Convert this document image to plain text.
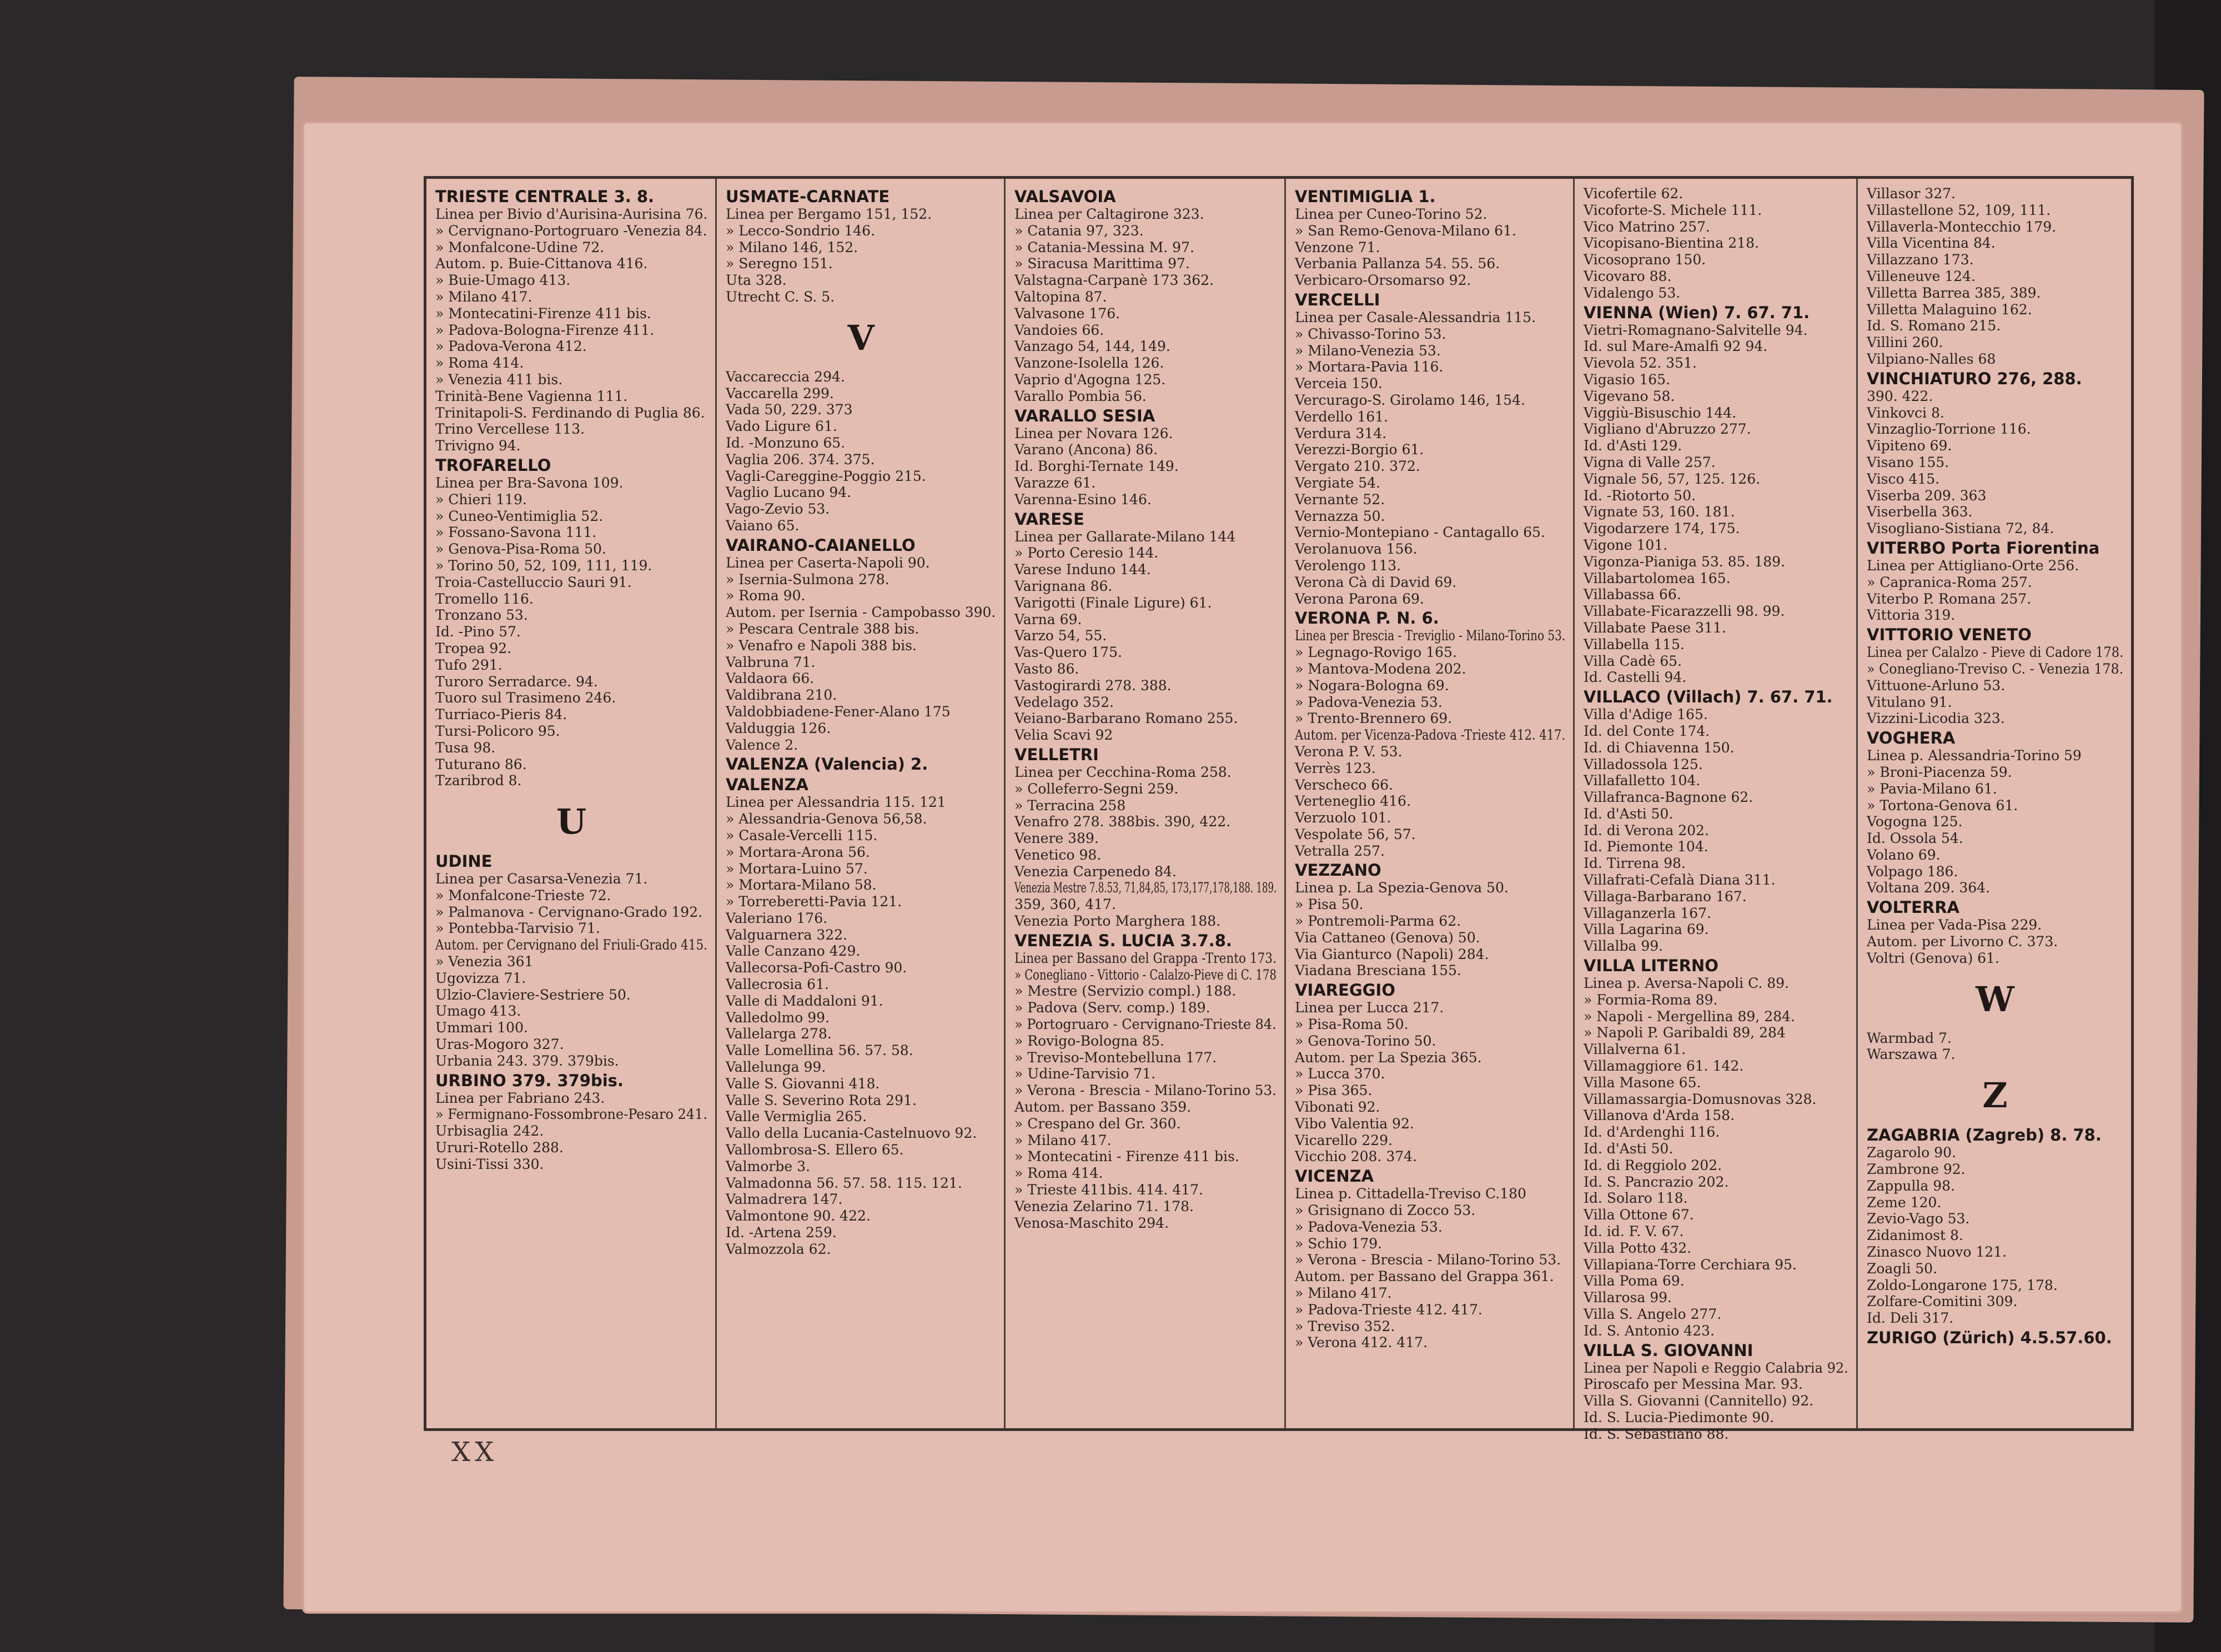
TRIESTE CENTRALE 3. 8.
Linea per Bivio d'Aurisina-Aurisina 76.
» Cervignano-Portogruaro -Venezia 84.
» Monfalcone-Udine 72.
Autom. p. Buie-Cittanova 416.
» Buie-Umago 413.
» Milano 417.
» Montecatini-Firenze 411 bis.
» Padova-Bologna-Firenze 411.
» Padova-Verona 412.
» Roma 414.
» Venezia 411 bis.
Trinità-Bene Vagienna 111.
Trinitapoli-S. Ferdinando di Puglia 86.
Trino Vercellese 113.
Trivigno 94.
TROFARELLO
Linea per Bra-Savona 109.
» Chieri 119.
» Cuneo-Ventimiglia 52.
» Fossano-Savona 111.
» Genova-Pisa-Roma 50.
» Torino 50, 52, 109, 111, 119.
Troia-Castelluccio Sauri 91.
Tromello 116.
Tronzano 53.
Id. -Pino 57.
Tropea 92.
Tufo 291.
Turoro Serradarce. 94.
Tuoro sul Trasimeno 246.
Turriaco-Pieris 84.
Tursi-Policoro 95.
Tusa 98.
Tuturano 86.
Tzaribrod 8.
U
UDINE
Linea per Casarsa-Venezia 71.
» Monfalcone-Trieste 72.
» Palmanova - Cervignano-Grado 192.
» Pontebba-Tarvisio 71.
Autom. per Cervignano del Friuli-Grado 415.
» Venezia 361
Ugovizza 71.
Ulzio-Claviere-Sestriere 50.
Umago 413.
Ummari 100.
Uras-Mogoro 327.
Urbania 243. 379. 379bis.
URBINO 379. 379bis.
Linea per Fabriano 243.
» Fermignano-Fossombrone-Pesaro 241.
Urbisaglia 242.
Ururi-Rotello 288.
Usini-Tissi 330.
USMATE-CARNATE
Linea per Bergamo 151, 152.
» Lecco-Sondrio 146.
» Milano 146, 152.
» Seregno 151.
Uta 328.
Utrecht C. S. 5.
V
Vaccareccia 294.
Vaccarella 299.
Vada 50, 229. 373
Vado Ligure 61.
Id. -Monzuno 65.
Vaglia 206. 374. 375.
Vagli-Careggine-Poggio 215.
Vaglio Lucano 94.
Vago-Zevio 53.
Vaiano 65.
VAIRANO-CAIANELLO
Linea per Caserta-Napoli 90.
» Isernia-Sulmona 278.
» Roma 90.
Autom. per Isernia - Campobasso 390.
» Pescara Centrale 388 bis.
» Venafro e Napoli 388 bis.
Valbruna 71.
Valdaora 66.
Valdibrana 210.
Valdobbiadene-Fener-Alano 175
Valduggia 126.
Valence 2.
VALENZA (Valencia) 2.
VALENZA
Linea per Alessandria 115. 121
» Alessandria-Genova 56,58.
» Casale-Vercelli 115.
» Mortara-Arona 56.
» Mortara-Luino 57.
» Mortara-Milano 58.
» Torreberetti-Pavia 121.
Valeriano 176.
Valguarnera 322.
Valle Canzano 429.
Vallecorsa-Pofi-Castro 90.
Vallecrosia 61.
Valle di Maddaloni 91.
Valledolmo 99.
Vallelarga 278.
Valle Lomellina 56. 57. 58.
Vallelunga 99.
Valle S. Giovanni 418.
Valle S. Severino Rota 291.
Valle Vermiglia 265.
Vallo della Lucania-Castelnuovo 92.
Vallombrosa-S. Ellero 65.
Valmorbe 3.
Valmadonna 56. 57. 58. 115. 121.
Valmadrera 147.
Valmontone 90. 422.
Id. -Artena 259.
Valmozzola 62.
VALSAVOIA
Linea per Caltagirone 323.
» Catania 97, 323.
» Catania-Messina M. 97.
» Siracusa Marittima 97.
Valstagna-Carpanè 173 362.
Valtopina 87.
Valvasone 176.
Vandoies 66.
Vanzago 54, 144, 149.
Vanzone-Isolella 126.
Vaprio d'Agogna 125.
Varallo Pombia 56.
VARALLO SESIA
Linea per Novara 126.
Varano (Ancona) 86.
Id. Borghi-Ternate 149.
Varazze 61.
Varenna-Esino 146.
VARESE
Linea per Gallarate-Milano 144
» Porto Ceresio 144.
Varese Induno 144.
Varignana 86.
Varigotti (Finale Ligure) 61.
Varna 69.
Varzo 54, 55.
Vas-Quero 175.
Vasto 86.
Vastogirardi 278. 388.
Vedelago 352.
Veiano-Barbarano Romano 255.
Velia Scavi 92
VELLETRI
Linea per Cecchina-Roma 258.
» Colleferro-Segni 259.
» Terracina 258
Venafro 278. 388bis. 390, 422.
Venere 389.
Venetico 98.
Venezia Carpenedo 84.
Venezia Mestre 7.8.53, 71,84,85, 173,177,178,188. 189.
359, 360, 417.
Venezia Porto Marghera 188.
VENEZIA S. LUCIA 3.7.8.
Linea per Bassano del Grappa -Trento 173.
» Conegliano - Vittorio - Calalzo-Pieve di C. 178
» Mestre (Servizio compl.) 188.
» Padova (Serv. comp.) 189.
» Portogruaro - Cervignano-Trieste 84.
» Rovigo-Bologna 85.
» Treviso-Montebelluna 177.
» Udine-Tarvisio 71.
» Verona - Brescia - Milano-Torino 53.
Autom. per Bassano 359.
» Crespano del Gr. 360.
» Milano 417.
» Montecatini - Firenze 411 bis.
» Roma 414.
» Trieste 411bis. 414. 417.
Venezia Zelarino 71. 178.
Venosa-Maschito 294.
VENTIMIGLIA 1.
Linea per Cuneo-Torino 52.
» San Remo-Genova-Milano 61.
Venzone 71.
Verbania Pallanza 54. 55. 56.
Verbicaro-Orsomarso 92.
VERCELLI
Linea per Casale-Alessandria 115.
» Chivasso-Torino 53.
» Milano-Venezia 53.
» Mortara-Pavia 116.
Verceia 150.
Vercurago-S. Girolamo 146, 154.
Verdello 161.
Verdura 314.
Verezzi-Borgio 61.
Vergato 210. 372.
Vergiate 54.
Vernante 52.
Vernazza 50.
Vernio-Montepiano - Cantagallo 65.
Verolanuova 156.
Verolengo 113.
Verona Cà di David 69.
Verona Parona 69.
VERONA P. N. 6.
Linea per Brescia - Treviglio - Milano-Torino 53.
» Legnago-Rovigo 165.
» Mantova-Modena 202.
» Nogara-Bologna 69.
» Padova-Venezia 53.
» Trento-Brennero 69.
Autom. per Vicenza-Padova -Trieste 412. 417.
Verona P. V. 53.
Verrès 123.
Verscheco 66.
Verteneglio 416.
Verzuolo 101.
Vespolate 56, 57.
Vetralla 257.
VEZZANO
Linea p. La Spezia-Genova 50.
» Pisa 50.
» Pontremoli-Parma 62.
Via Cattaneo (Genova) 50.
Via Gianturco (Napoli) 284.
Viadana Bresciana 155.
VIAREGGIO
Linea per Lucca 217.
» Pisa-Roma 50.
» Genova-Torino 50.
Autom. per La Spezia 365.
» Lucca 370.
» Pisa 365.
Vibonati 92.
Vibo Valentia 92.
Vicarello 229.
Vicchio 208. 374.
VICENZA
Linea p. Cittadella-Treviso C.180
» Grisignano di Zocco 53.
» Padova-Venezia 53.
» Schio 179.
» Verona - Brescia - Milano-Torino 53.
Autom. per Bassano del Grappa 361.
» Milano 417.
» Padova-Trieste 412. 417.
» Treviso 352.
» Verona 412. 417.
Vicofertile 62.
Vicoforte-S. Michele 111.
Vico Matrino 257.
Vicopisano-Bientina 218.
Vicosoprano 150.
Vicovaro 88.
Vidalengo 53.
VIENNA (Wien) 7. 67. 71.
Vietri-Romagnano-Salvitelle 94.
Id. sul Mare-Amalfi 92 94.
Vievola 52. 351.
Vigasio 165.
Vigevano 58.
Viggiù-Bisuschio 144.
Vigliano d'Abruzzo 277.
Id. d'Asti 129.
Vigna di Valle 257.
Vignale 56, 57, 125. 126.
Id. -Riotorto 50.
Vignate 53, 160. 181.
Vigodarzere 174, 175.
Vigone 101.
Vigonza-Pianiga 53. 85. 189.
Villabartolomea 165.
Villabassa 66.
Villabate-Ficarazzelli 98. 99.
Villabate Paese 311.
Villabella 115.
Villa Cadè 65.
Id. Castelli 94.
VILLACO (Villach) 7. 67. 71.
Villa d'Adige 165.
Id. del Conte 174.
Id. di Chiavenna 150.
Villadossola 125.
Villafalletto 104.
Villafranca-Bagnone 62.
Id. d'Asti 50.
Id. di Verona 202.
Id. Piemonte 104.
Id. Tirrena 98.
Villafrati-Cefalà Diana 311.
Villaga-Barbarano 167.
Villaganzerla 167.
Villa Lagarina 69.
Villalba 99.
VILLA LITERNO
Linea p. Aversa-Napoli C. 89.
» Formia-Roma 89.
» Napoli - Mergellina 89, 284.
» Napoli P. Garibaldi 89, 284
Villalverna 61.
Villamaggiore 61. 142.
Villa Masone 65.
Villamassargia-Domusnovas 328.
Villanova d'Arda 158.
Id. d'Ardenghi 116.
Id. d'Asti 50.
Id. di Reggiolo 202.
Id. S. Pancrazio 202.
Id. Solaro 118.
Villa Ottone 67.
Id. id. F. V. 67.
Villa Potto 432.
Villapiana-Torre Cerchiara 95.
Villa Poma 69.
Villarosa 99.
Villa S. Angelo 277.
Id. S. Antonio 423.
VILLA S. GIOVANNI
Linea per Napoli e Reggio Calabria 92.
Piroscafo per Messina Mar. 93.
Villa S. Giovanni (Cannitello) 92.
Id. S. Lucia-Piedimonte 90.
Id. S. Sebastiano 88.
Villasor 327.
Villastellone 52, 109, 111.
Villaverla-Montecchio 179.
Villa Vicentina 84.
Villazzano 173.
Villeneuve 124.
Villetta Barrea 385, 389.
Villetta Malaguino 162.
Id. S. Romano 215.
Villini 260.
Vilpiano-Nalles 68
VINCHIATURO 276, 288.
390. 422.
Vinkovci 8.
Vinzaglio-Torrione 116.
Vipiteno 69.
Visano 155.
Visco 415.
Viserba 209. 363
Viserbella 363.
Visogliano-Sistiana 72, 84.
VITERBO Porta Fiorentina
Linea per Attigliano-Orte 256.
» Capranica-Roma 257.
Viterbo P. Romana 257.
Vittoria 319.
VITTORIO VENETO
Linea per Calalzo - Pieve di Cadore 178.
» Conegliano-Treviso C. - Venezia 178.
Vittuone-Arluno 53.
Vitulano 91.
Vizzini-Licodia 323.
VOGHERA
Linea p. Alessandria-Torino 59
» Broni-Piacenza 59.
» Pavia-Milano 61.
» Tortona-Genova 61.
Vogogna 125.
Id. Ossola 54.
Volano 69.
Volpago 186.
Voltana 209. 364.
VOLTERRA
Linea per Vada-Pisa 229.
Autom. per Livorno C. 373.
Voltri (Genova) 61.
W
Warmbad 7.
Warszawa 7.
Z
ZAGABRIA (Zagreb) 8. 78.
Zagarolo 90.
Zambrone 92.
Zappulla 98.
Zeme 120.
Zevio-Vago 53.
Zidanimost 8.
Zinasco Nuovo 121.
Zoagli 50.
Zoldo-Longarone 175, 178.
Zolfare-Comitini 309.
Id. Deli 317.
ZURIGO (Zürich) 4.5.57.60.
XX
